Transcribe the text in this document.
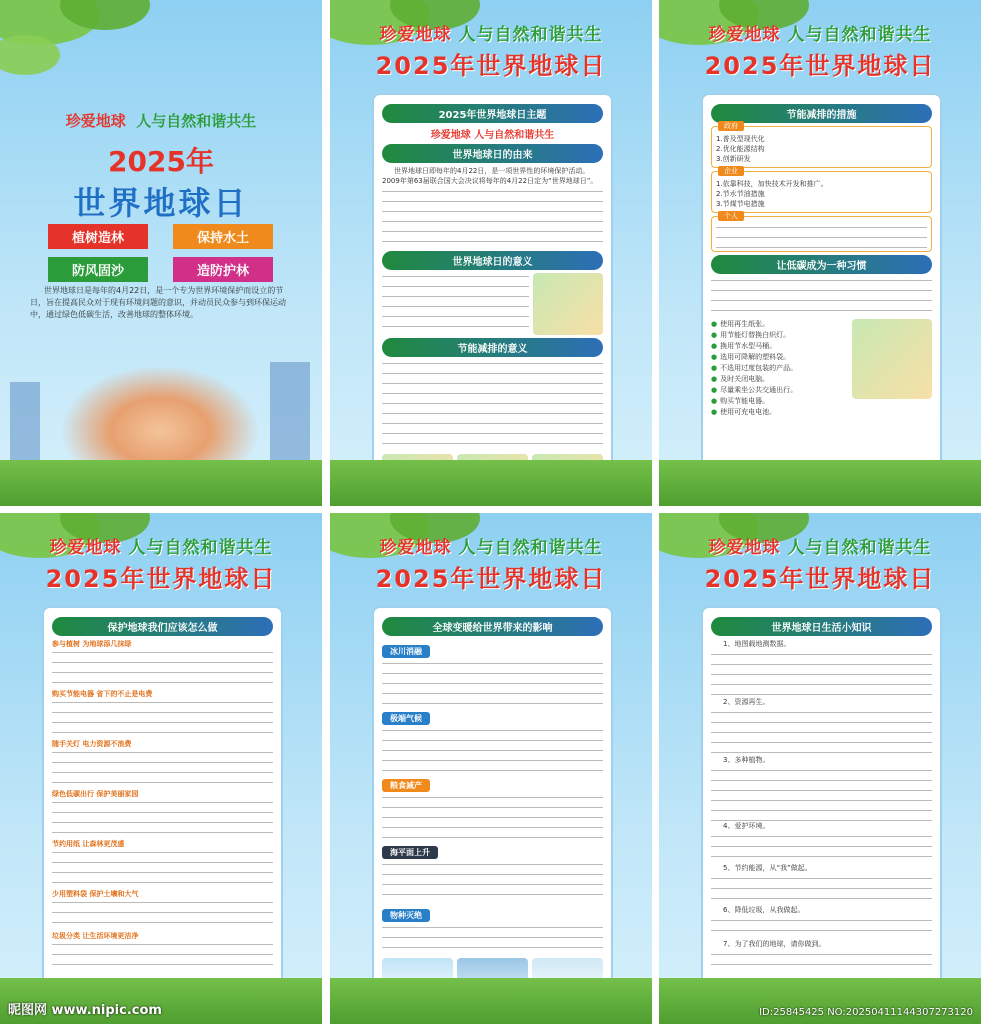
珍爱地球 人与自然和谐共生
2025年
世界地球日
植树造林	保持水土
防风固沙	造防护林
世界地球日是每年的4月22日，是一个专为世界环境保护而设立的节日，旨在提高民众对于现有环境问题的意识，并动员民众参与到环保运动中，通过绿色低碳生活，改善地球的整体环境。
珍爱地球 人与自然和谐共生
2025年世界地球日
2025年世界地球日主题
珍爱地球 人与自然和谐共生
世界地球日的由来
世界地球日即每年的4月22日，是一项世界性的环境保护活动。2009年第63届联合国大会决议将每年的4月22日定为“世界地球日”。
世界地球日的意义
节能减排的意义
珍爱地球 人与自然和谐共生
2025年世界地球日
节能减排的措施
政府
1.普及型现代化
2.优化能源结构
3.创新研发
企业
1.依靠科技，加快技术开发和推广。
2.节水节油措施
3.节煤节电措施
个人
让低碳成为一种习惯
● 使用再生纸张。
● 用节能灯替换白炽灯。
● 换用节水型马桶。
● 选用可降解的塑料袋。
● 不选用过度包装的产品。
● 及时关闭电脑。
● 尽量乘坐公共交通出行。
● 购买节能电器。
● 使用可充电电池。
珍爱地球 人与自然和谐共生
2025年世界地球日
保护地球我们应该怎么做
参与植树 为地球添几抹绿
购买节能电器 省下的不止是电费
随手关灯 电力资源不浪费
绿色低碳出行 保护美丽家园
节约用纸 让森林更茂盛
少用塑料袋 保护土壤和大气
垃圾分类 让生活环境更洁净
珍爱地球 人与自然和谐共生
2025年世界地球日
全球变暖给世界带来的影响
冰川消融
极端气候
粮食减产
海平面上升
物种灭绝
珍爱地球 人与自然和谐共生
2025年世界地球日
世界地球日生活小知识
1、地图载地测数据。
2、资源再生。
3、多种植物。
4、爱护环境。
5、节约能源，从“我”做起。
6、降低垃圾，从我做起。
7、为了我们的地球，请你做到。
昵图网 www.nipic.com	ID:25845425 NO:20250411144307273120
